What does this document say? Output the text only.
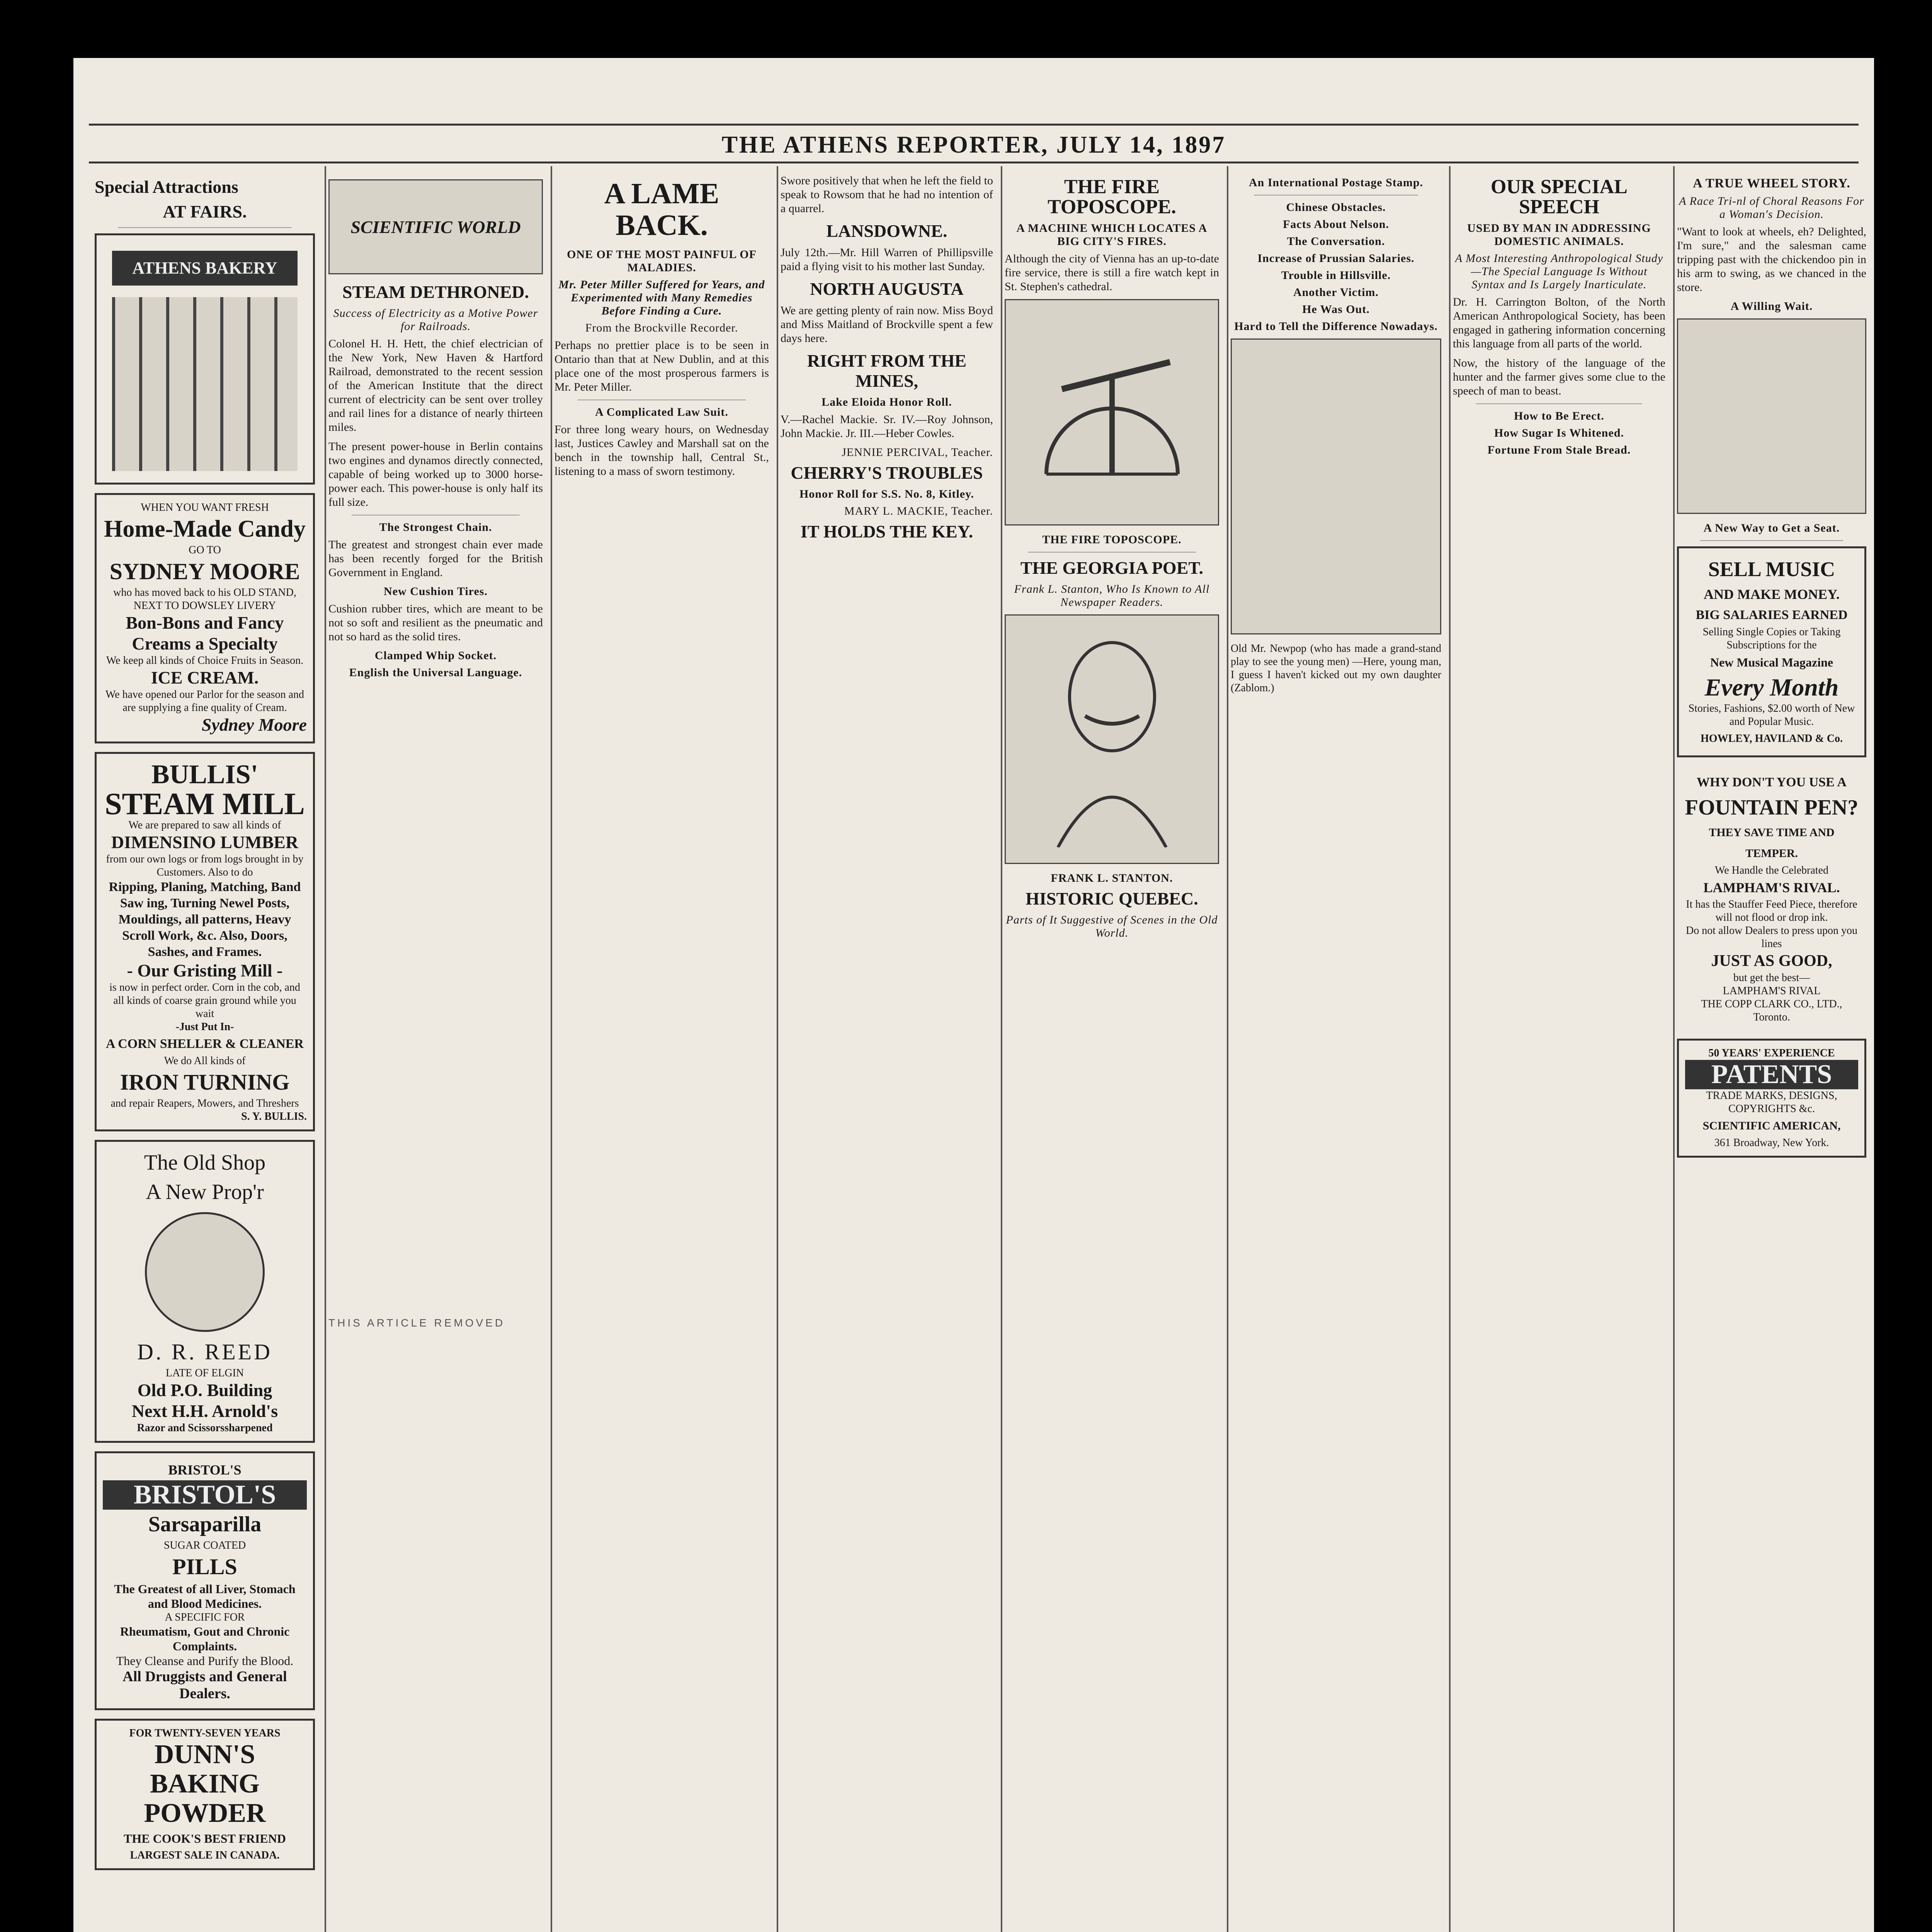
THE ATHENS REPORTER, JULY 14, 1897
Special Attractions
AT FAIRS.
ATHENS BAKERY
WHEN YOU WANT FRESH
Home-Made Candy
GO TO
SYDNEY MOORE
who has moved back to his OLD STAND, NEXT TO DOWSLEY LIVERY
Bon-Bons and Fancy Creams a Specialty
We keep all kinds of Choice Fruits in Season.
ICE CREAM.
We have opened our Parlor for the season and are supplying a fine quality of Cream.
Sydney Moore
BULLIS'
STEAM MILL
We are prepared to saw all kinds of
DIMENSINO LUMBER
from our own logs or from logs brought in by Customers. Also to do
Ripping, Planing, Matching, Band Saw ing, Turning Newel Posts, Mouldings, all patterns, Heavy Scroll Work, &c. Also, Doors, Sashes, and Frames.
- Our Gristing Mill -
is now in perfect order. Corn in the cob, and all kinds of coarse grain ground while you wait
-Just Put In-
A CORN SHELLER & CLEANER
We do All kinds of
IRON TURNING
and repair Reapers, Mowers, and Threshers
S. Y. BULLIS.
The Old Shop
A New Prop'r
D. R. REED
LATE OF ELGIN
Old P.O. Building
Next H.H. Arnold's
Razor and Scissorssharpened
BRISTOL'S
BRISTOL'S
Sarsaparilla
SUGAR COATED
PILLS
The Greatest of all Liver, Stomach and Blood Medicines.
A SPECIFIC FOR
Rheumatism, Gout and Chronic Complaints.
They Cleanse and Purify the Blood.
All Druggists and General Dealers.
FOR TWENTY-SEVEN YEARS
DUNN'S
BAKING
POWDER
THE COOK'S BEST FRIEND
LARGEST SALE IN CANADA.
SCIENTIFIC WORLD
STEAM DETHRONED.
Success of Electricity as a Motive Power for Railroads.

Colonel H. H. Hett, the chief electrician of the New York, New Haven & Hartford Railroad, demonstrated to the recent session of the American Institute that the direct current of electricity can be sent over trolley and rail lines for a distance of nearly thirteen miles.

The present power-house in Berlin contains two engines and dynamos directly connected, capable of being worked up to 3000 horse-power each. This power-house is only half its full size.

The Strongest Chain.

The greatest and strongest chain ever made has been recently forged for the British Government in England.

New Cushion Tires.

Cushion rubber tires, which are meant to be not so soft and resilient as the pneumatic and not so hard as the solid tires.

Clamped Whip Socket.
English the Universal Language.
THIS ARTICLE REMOVED
A LAME BACK.
ONE OF THE MOST PAINFUL OF MALADIES.
Mr. Peter Miller Suffered for Years, and Experimented with Many Remedies Before Finding a Cure.
From the Brockville Recorder.

Perhaps no prettier place is to be seen in Ontario than that at New Dublin, and at this place one of the most prosperous farmers is Mr. Peter Miller.

A Complicated Law Suit.

For three long weary hours, on Wednesday last, Justices Cawley and Marshall sat on the bench in the township hall, Central St., listening to a mass of sworn testimony.

Swore positively that when he left the field to speak to Rowsom that he had no intention of a quarrel.

LANSDOWNE.

July 12th.—Mr. Hill Warren of Phillipsville paid a flying visit to his mother last Sunday.

NORTH AUGUSTA

We are getting plenty of rain now. Miss Boyd and Miss Maitland of Brockville spent a few days here.

RIGHT FROM THE MINES,
Lake Eloida Honor Roll.

V.—Rachel Mackie. Sr. IV.—Roy Johnson, John Mackie. Jr. III.—Heber Cowles.

JENNIE PERCIVAL, Teacher.
CHERRY'S TROUBLES
Honor Roll for S.S. No. 8, Kitley.
MARY L. MACKIE, Teacher.
IT HOLDS THE KEY.
THE FIRE TOPOSCOPE.
A MACHINE WHICH LOCATES A BIG CITY'S FIRES.

Although the city of Vienna has an up-to-date fire service, there is still a fire watch kept in St. Stephen's cathedral.

THE FIRE TOPOSCOPE.
THE GEORGIA POET.
Frank L. Stanton, Who Is Known to All Newspaper Readers.
FRANK L. STANTON.
HISTORIC QUEBEC.
Parts of It Suggestive of Scenes in the Old World.
An International Postage Stamp.
Chinese Obstacles.
Facts About Nelson.
The Conversation.
Increase of Prussian Salaries.
Trouble in Hillsville.
Another Victim.
He Was Out.
Hard to Tell the Difference Nowadays.

Old Mr. Newpop (who has made a grand-stand play to see the young men) —Here, young man, I guess I haven't kicked out my own daughter (Zablom.)

OUR SPECIAL SPEECH
USED BY MAN IN ADDRESSING DOMESTIC ANIMALS.
A Most Interesting Anthropological Study—The Special Language Is Without Syntax and Is Largely Inarticulate.

Dr. H. Carrington Bolton, of the North American Anthropological Society, has been engaged in gathering information concerning this language from all parts of the world.

Now, the history of the language of the hunter and the farmer gives some clue to the speech of man to beast.

How to Be Erect.
How Sugar Is Whitened.
Fortune From Stale Bread.
A TRUE WHEEL STORY.
A Race Tri-nl of Choral Reasons For a Woman's Decision.

"Want to look at wheels, eh? Delighted, I'm sure," and the salesman came tripping past with the chickendoo pin in his arm to swing, as we chanced in the store.

A Willing Wait.
A New Way to Get a Seat.
SELL MUSIC
AND MAKE MONEY.
BIG SALARIES EARNED
Selling Single Copies or Taking Subscriptions for the
New Musical Magazine
Every Month
Stories, Fashions, $2.00 worth of New and Popular Music.
HOWLEY, HAVILAND & Co.
WHY DON'T YOU USE A
FOUNTAIN PEN?
THEY SAVE TIME AND TEMPER.
We Handle the Celebrated
LAMPHAM'S RIVAL.
It has the Stauffer Feed Piece, therefore will not flood or drop ink.
Do not allow Dealers to press upon you lines
JUST AS GOOD,
but get the best—
LAMPHAM'S RIVAL
THE COPP CLARK CO., LTD., Toronto.
50 YEARS' EXPERIENCE
PATENTS
TRADE MARKS, DESIGNS, COPYRIGHTS &c.
SCIENTIFIC AMERICAN,
361 Broadway, New York.
